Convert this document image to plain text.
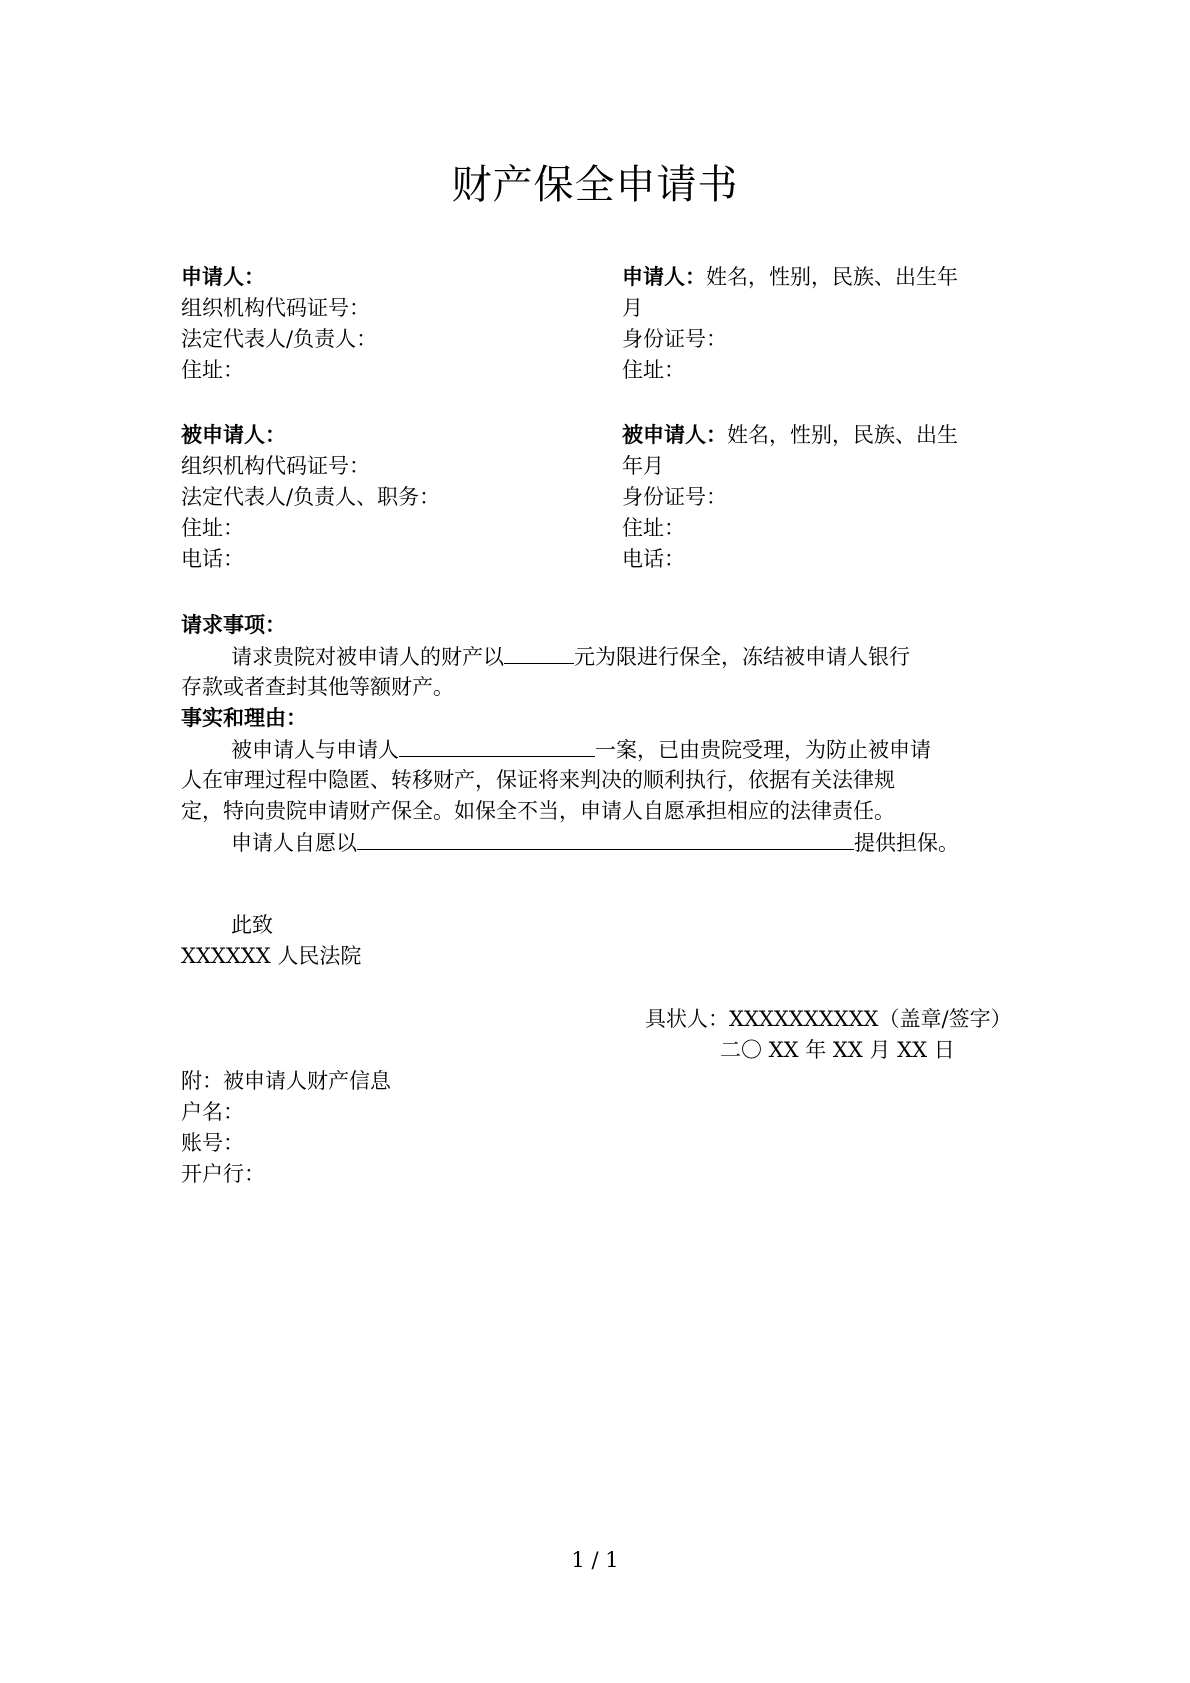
财产保全申请书
申请人：
组织机构代码证号：
法定代表人/负责人：
住址：
申请人：姓名，性别，民族、出生年
月
身份证号：
住址：
被申请人：
组织机构代码证号：
法定代表人/负责人、职务：
住址：
电话：
被申请人：姓名，性别，民族、出生
年月
身份证号：
住址：
电话：
请求事项：
请求贵院对被申请人的财产以	元为限进行保全，冻结被申请人银行
存款或者查封其他等额财产。
事实和理由：
被申请人与申请人	一案，已由贵院受理，为防止被申请
人在审理过程中隐匿、转移财产，保证将来判决的顺利执行，依据有关法律规
定，特向贵院申请财产保全。如保全不当，申请人自愿承担相应的法律责任。
申请人自愿以	提供担保。
此致
XXXXXX 人民法院
具状人：XXXXXXXXXX（盖章/签字）
二〇 XX 年 XX 月 XX 日
附：被申请人财产信息
户名：
账号：
开户行：
1 / 1
